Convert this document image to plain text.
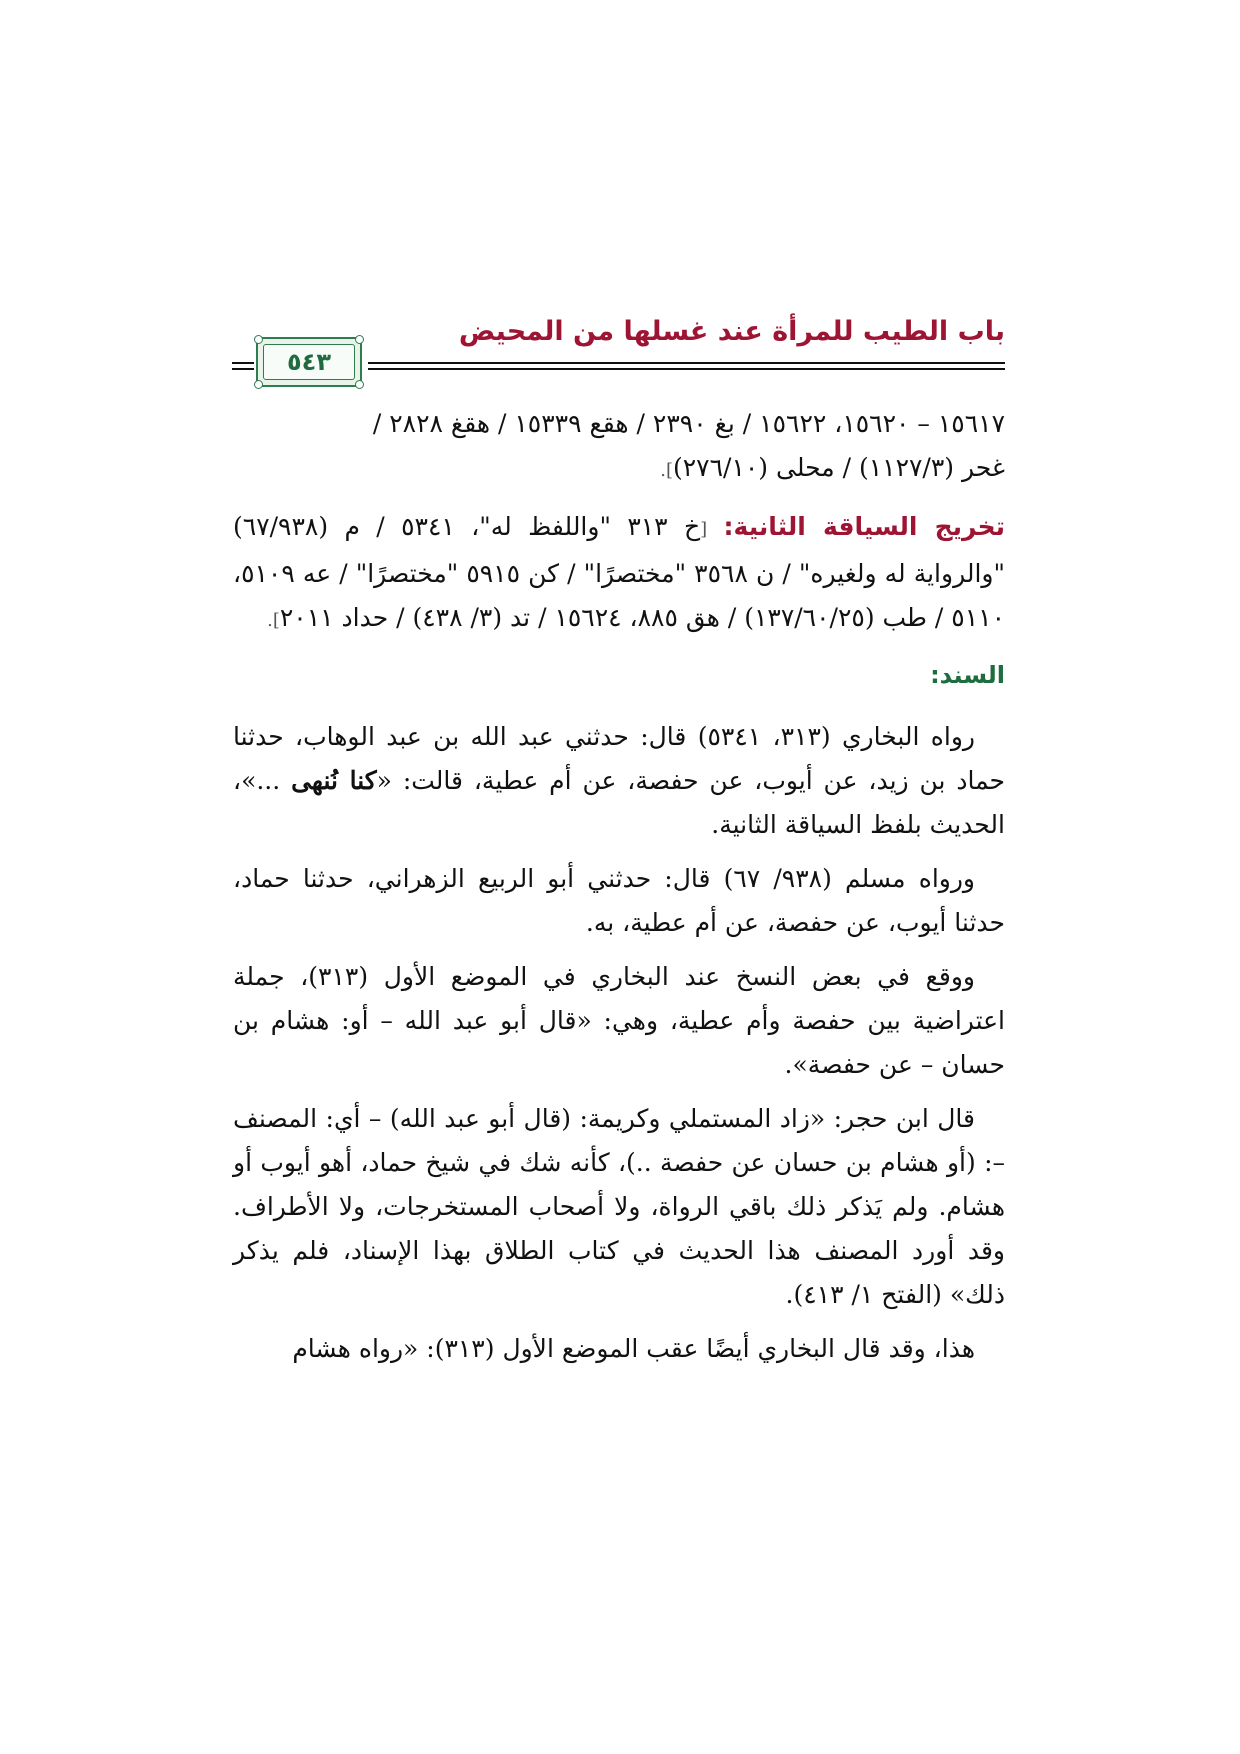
باب الطيب للمرأة عند غسلها من المحيض
٥٤٣

١٥٦١٧ – ١٥٦٢٠، ١٥٦٢٢ / بغ ٢٣٩٠ / هقع ١٥٣٣٩ / هقغ ٢٨٢٨ /
غحر (١١٢٧/٣) / محلى (٢٧٦/١٠)].

تخريج السياقة الثانية: [خ ٣١٣ "واللفظ له"، ٥٣٤١ / م (٦٧/٩٣٨) "والرواية له ولغيره" / ن ٣٥٦٨ "مختصرًا" / كن ٥٩١٥ "مختصرًا" / عه ٥١٠٩، ٥١١٠ / طب (١٣٧/٦٠/٢٥) / هق ٨٨٥، ١٥٦٢٤ / تد (٣/ ٤٣٨) / حداد ٢٠١١].

السند:

رواه البخاري (٣١٣، ٥٣٤١) قال: حدثني عبد الله بن عبد الوهاب، حدثنا حماد بن زيد، عن أيوب، عن حفصة، عن أم عطية، قالت: «كنا نُنهى ...»، الحديث بلفظ السياقة الثانية.

ورواه مسلم (٩٣٨/ ٦٧) قال: حدثني أبو الربيع الزهراني، حدثنا حماد، حدثنا أيوب، عن حفصة، عن أم عطية، به.

ووقع في بعض النسخ عند البخاري في الموضع الأول (٣١٣)، جملة اعتراضية بين حفصة وأم عطية، وهي: «قال أبو عبد الله – أو: هشام بن حسان – عن حفصة».

قال ابن حجر: «زاد المستملي وكريمة: (قال أبو عبد الله) – أي: المصنف –: (أو هشام بن حسان عن حفصة ..)، كأنه شك في شيخ حماد، أهو أيوب أو هشام. ولم يَذكر ذلك باقي الرواة، ولا أصحاب المستخرجات، ولا الأطراف. وقد أورد المصنف هذا الحديث في كتاب الطلاق بهذا الإسناد، فلم يذكر ذلك» (الفتح ١/ ٤١٣).

هذا، وقد قال البخاري أيضًا عقب الموضع الأول (٣١٣): «رواه هشام
